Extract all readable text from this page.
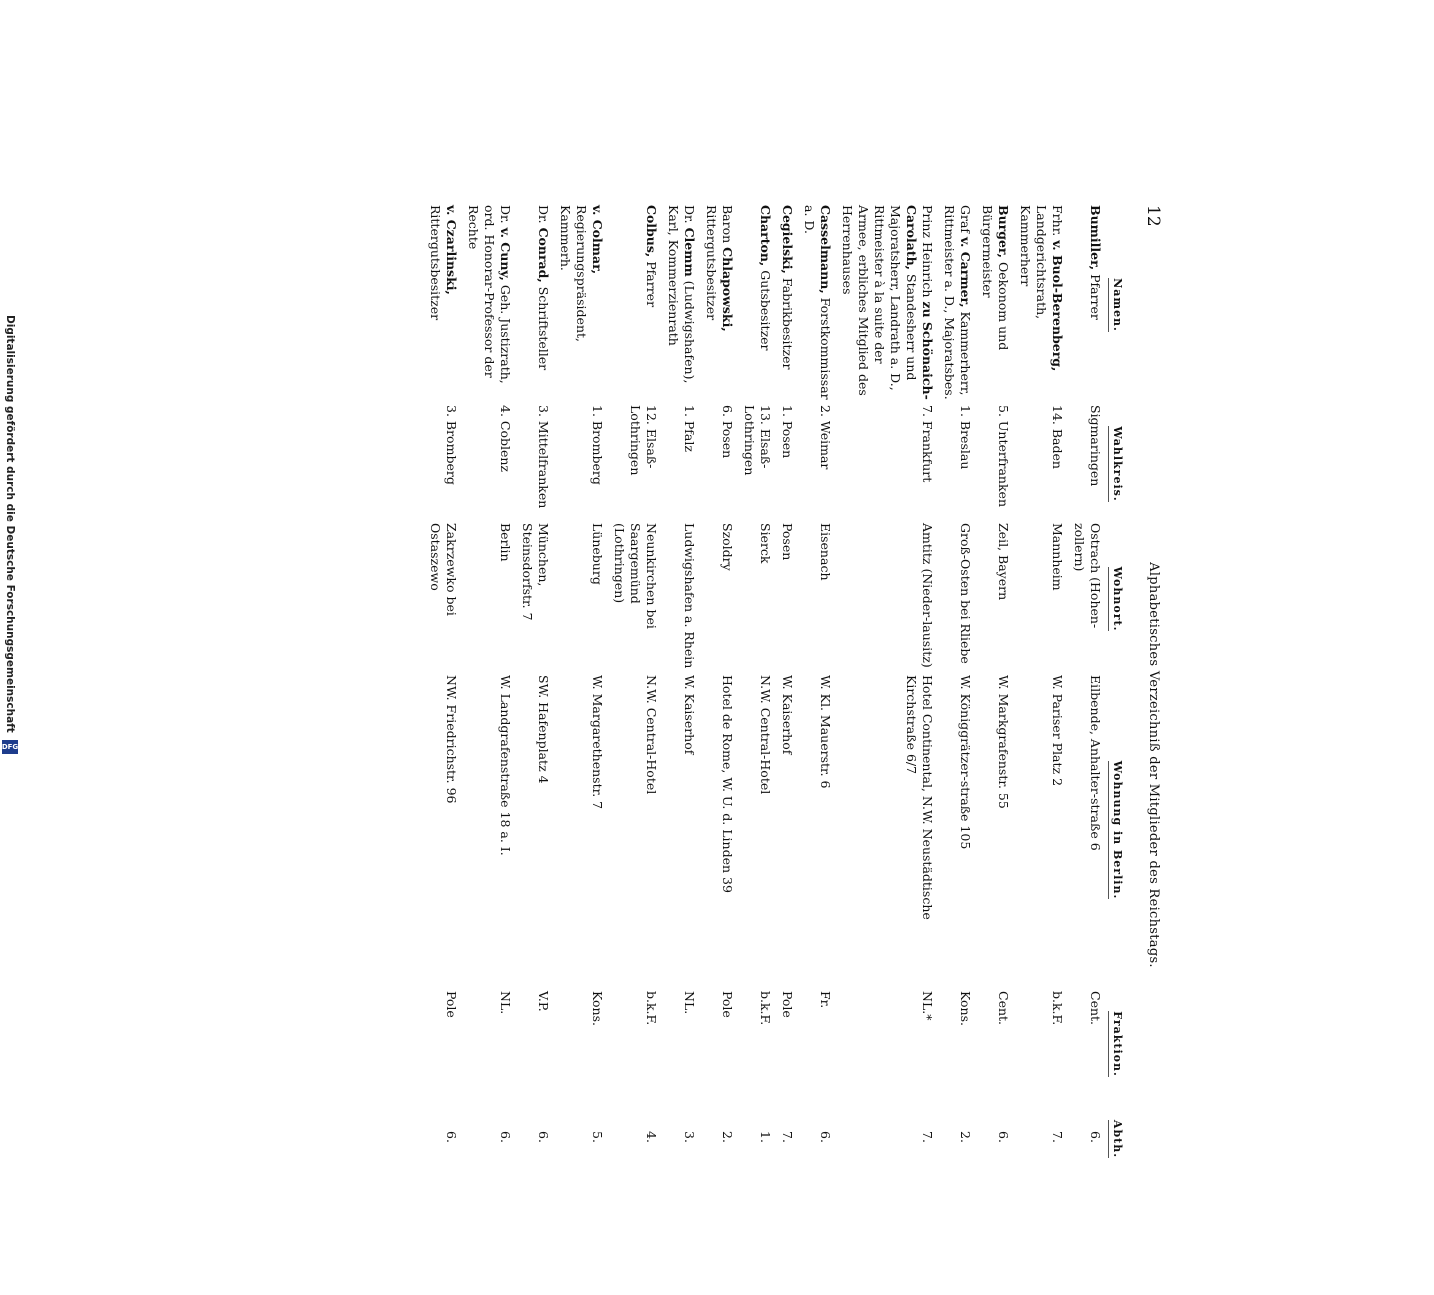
Digitalisierung gefördert durch die Deutsche Forschungsgemeinschaft
DFG
12
Alphabetisches Verzeichniß der Mitglieder des Reichstags.
Namen.	Wahlkreis.	Wohnort.	Wohnung in Berlin.	Fraktion.	Abth.
Bumiller, Pfarrer	Sigmaringen	Ostrach (Hohen-zollern)	Eilbende, Anhalter-straße 6	Cent.	6.
Frhr. v. Buol-Berenberg, Landgerichtsrath, Kammerherr	14. Baden	Mannheim	W. Pariser Platz 2	b.k.F.	7.
Burger, Oekonom und Bürgermeister	5. Unterfranken	Zeil, Bayern	W. Markgrafenstr. 55	Cent.	6.
Graf v. Carmer, Kammerherr, Rittmeister a. D., Majoratsbes.	1. Breslau	Groß-Osten bei Rliebe	W. Königgrätzer-straße 105	Kons.	2.
Prinz Heinrich zu Schönaich-Carolath, Standesherr und Majoratsherr, Landrath a. D., Rittmeister à la suite der Armee, erbliches Mitglied des Herrenhauses	7. Frankfurt	Amtitz (Nieder-lausitz)	Hotel Continental, N.W. Neustädtische Kirchstraße 6/7	NL.*	7.
Casselmann, Forstkommissar a. D.	2. Weimar	Eisenach	W. Kl. Mauerstr. 6	Fr.	6.
Cegielski, Fabrikbesitzer	1. Posen	Posen	W. Kaiserhof	Pole	7.
Charton, Gutsbesitzer	13. Elsaß-Lothringen	Sierck	N.W. Central-Hotel	b.k.F.	1.
Baron Chlapowski, Rittergutsbesitzer	6. Posen	Szoldry	Hotel de Rome, W. U. d. Linden 39	Pole	2.
Dr. Clemm (Ludwigshafen), Karl, Kommerzienrath	1. Pfalz	Ludwigshafen a. Rhein	W. Kaiserhof	NL.	3.
Colbus, Pfarrer	12. Elsaß-Lothringen	Neunkirchen bei Saargemünd (Lothringen)	N.W. Central-Hotel	b.k.F.	4.
v. Colmar, Regierungspräsident, Kammerh.	1. Bromberg	Lüneburg	W. Margarethenstr. 7	Kons.	5.
Dr. Conrad, Schriftsteller	3. Mittelfranken	München, Steinsdorfstr. 7	SW. Hafenplatz 4	V.P.	6.
Dr. v. Cuny, Geh. Justizrath, ord. Honorar-Professor der Rechte	4. Coblenz	Berlin	W. Landgrafenstraße 18 a. I.	NL.	6.
v. Czarlinski, Rittergutsbesitzer	3. Bromberg	Zakrzewko bei Ostaszewo	NW. Friedrichstr. 96	Pole	6.
